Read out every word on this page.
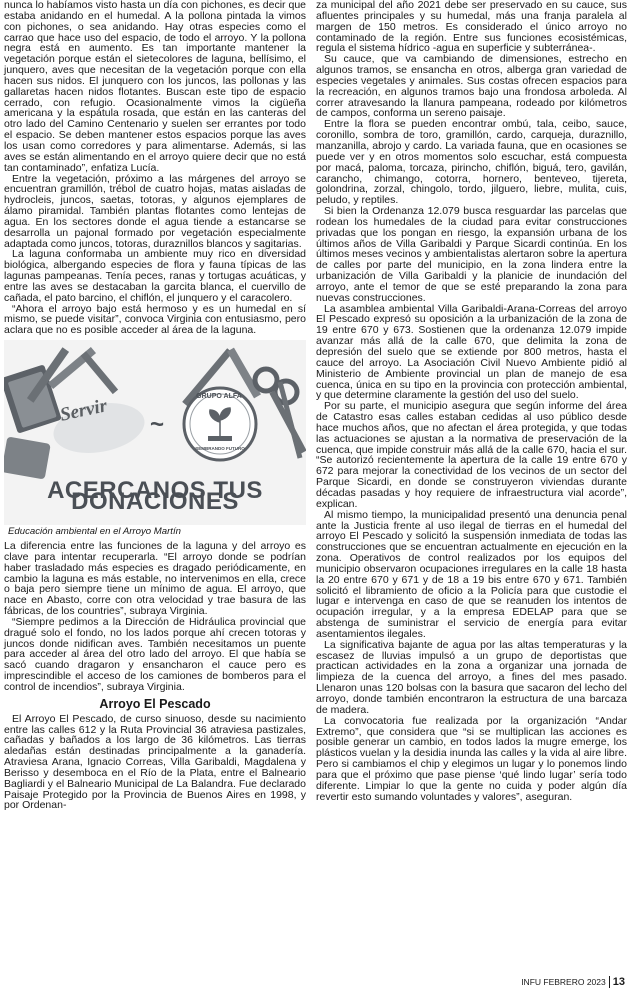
nunca lo habíamos visto hasta un día con pichones, es decir que estaba anidando en el humedal. A la pollona pintada la vimos con pichones, o sea anidando. Hay otras especies como el carrao que hace uso del espacio, de todo el arroyo. Y la pollona negra está en aumento. Es tan importante mantener la vegetación porque están el sietecolores de laguna, bellísimo, el junquero, aves que necesitan de la vegetación porque con ella hacen sus nidos. El junquero con los juncos, las pollonas y las gallaretas hacen nidos flotantes. Buscan este tipo de espacio cerrado, con refugio. Ocasionalmente vimos la cigüeña americana y la espátula rosada, que están en las canteras del otro lado del Camino Centenario y suelen ser errantes por todo el espacio. Se deben mantener estos espacios porque las aves los usan como corredores y para alimentarse. Además, si las aves se están alimentando en el arroyo quiere decir que no está tan contaminado”, enfatiza Lucía.

Entre la vegetación, próximo a las márgenes del arroyo se encuentran gramillón, trébol de cuatro hojas, matas aisladas de hydrocleis, juncos, saetas, totoras, y algunos ejemplares de álamo piramidal. También plantas flotantes como lentejas de agua. En los sectores donde el agua tiende a estancarse se desarrolla un pajonal formado por vegetación especialmente adaptada como juncos, totoras, duraznillos blancos y sagitarias.

La laguna conformaba un ambiente muy rico en diversidad biológica, albergando especies de flora y fauna típicas de las lagunas pampeanas. Tenía peces, ranas y tortugas acuáticas, y entre las aves se destacaban la garcita blanca, el cuervillo de cañada, el pato barcino, el chiflón, el junquero y el caracolero.

“Ahora el arroyo bajo está hermoso y es un humedal en sí mismo, se puede visitar”, convoca Virginia con entusiasmo, pero aclara que no es posible acceder al área de la laguna.

Servir ~
GRUPO ALFA
SEMBRANDO FUTURO
ACERCANOS TUS DONACIONES
Educación ambiental en el Arroyo Martín

La diferencia entre las funciones de la laguna y del arroyo es clave para intentar recuperarla. “El arroyo donde se podrían haber trasladado más especies es dragado periódicamente, en cambio la laguna es más estable, no intervenimos en ella, crece o baja pero siempre tiene un mínimo de agua. El arroyo, que nace en Abasto, corre con otra velocidad y trae basura de las fábricas, de los countries”, subraya Virginia.

“Siempre pedimos a la Dirección de Hidráulica provincial que dragué solo el fondo, no los lados porque ahí crecen totoras y juncos donde nidifican aves. También necesitamos un puente para acceder al área del otro lado del arroyo. El que había se sacó cuando dragaron y ensancharon el cauce pero es imprescindible el acceso de los camiones de bomberos para el control de incendios”, subraya Virginia.

Arroyo El Pescado

El Arroyo El Pescado, de curso sinuoso, desde su nacimiento entre las calles 612 y la Ruta Provincial 36 atraviesa pastizales, cañadas y bañados a los largo de 36 kilómetros. Las tierras aledañas están destinadas principalmente a la ganadería. Atraviesa Arana, Ignacio Correas, Villa Garibaldi, Magdalena y Berisso y desemboca en el Río de la Plata, entre el Balneario Bagliardi y el Balneario Municipal de La Balandra. Fue declarado Paisaje Protegido por la Provincia de Buenos Aires en 1998, y por Ordenan-

za municipal del año 2021 debe ser preservado en su cauce, sus afluentes principales y su humedal, más una franja paralela al margen de 150 metros. Es considerado el único arroyo no contaminado de la región. Entre sus funciones ecosistémicas, regula el sistema hídrico -agua en superficie y subterránea-.

Su cauce, que va cambiando de dimensiones, estrecho en algunos tramos, se ensancha en otros, alberga gran variedad de especies vegetales y animales. Sus costas ofrecen espacios para la recreación, en algunos tramos bajo una frondosa arboleda. Al correr atravesando la llanura pampeana, rodeado por kilómetros de campos, conforma un sereno paisaje.

Entre la flora se pueden encontrar ombú, tala, ceibo, sauce, coronillo, sombra de toro, gramillón, cardo, carqueja, duraznillo, manzanilla, abrojo y cardo. La variada fauna, que en ocasiones se puede ver y en otros momentos solo escuchar, está compuesta por macá, paloma, torcaza, pirincho, chiflón, biguá, tero, gavilán, carancho, chimango, cotorra, hornero, benteveo, tijereta, golondrina, zorzal, chingolo, tordo, jilguero, liebre, mulita, cuis, peludo, y reptiles.

Si bien la Ordenanza 12.079 busca resguardar las parcelas que rodean los humedales de la ciudad para evitar construcciones privadas que los pongan en riesgo, la expansión urbana de los últimos años de Villa Garibaldi y Parque Sicardi continúa. En los últimos meses vecinos y ambientalistas alertaron sobre la apertura de calles por parte del municipio, en la zona lindera entre la urbanización de Villa Garibaldi y la planicie de inundación del arroyo, ante el temor de que se esté preparando la zona para nuevas construcciones.

La asamblea ambiental Villa Garibaldi-Arana-Correas del arroyo El Pescado expresó su oposición a la urbanización de la zona de 19 entre 670 y 673. Sostienen que la ordenanza 12.079 impide avanzar más allá de la calle 670, que delimita la zona de depresión del suelo que se extiende por 800 metros, hasta el cauce del arroyo. La Asociación Civil Nuevo Ambiente pidió al Ministerio de Ambiente provincial un plan de manejo de esa cuenca, única en su tipo en la provincia con protección ambiental, y que determine claramente la gestión del uso del suelo.

Por su parte, el municipio asegura que según informe del área de Catastro esas calles estaban cedidas al uso público desde hace muchos años, que no afectan el área protegida, y que todas las actuaciones se ajustan a la normativa de preservación de la cuenca, que impide construir más allá de la calle 670, hacia el sur. “Se autorizó recientemente la apertura de la calle 19 entre 670 y 672 para mejorar la conectividad de los vecinos de un sector del Parque Sicardi, en donde se construyeron viviendas durante décadas pasadas y hoy requiere de infraestructura vial acorde”, explican.

Al mismo tiempo, la municipalidad presentó una denuncia penal ante la Justicia frente al uso ilegal de tierras en el humedal del arroyo El Pescado y solicitó la suspensión inmediata de todas las construcciones que se encuentran actualmente en ejecución en la zona. Operativos de control realizados por los equipos del municipio observaron ocupaciones irregulares en la calle 18 hasta la 20 entre 670 y 671 y de 18 a 19 bis entre 670 y 671. También solicitó el libramiento de oficio a la Policía para que custodie el lugar e intervenga en caso de que se reanuden los intentos de ocupación irregular, y a la empresa EDELAP para que se abstenga de suministrar el servicio de energía para evitar asentamientos ilegales.

La significativa bajante de agua por las altas temperaturas y la escasez de lluvias impulsó a un grupo de deportistas que practican actividades en la zona a organizar una jornada de limpieza de la cuenca del arroyo, a fines del mes pasado. Llenaron unas 120 bolsas con la basura que sacaron del lecho del arroyo, donde también encontraron la estructura de una barcaza de madera.

La convocatoria fue realizada por la organización “Andar Extremo”, que considera que “si se multiplican las acciones es posible generar un cambio, en todos lados la mugre emerge, los plásticos vuelan y la desidia inunda las calles y la vida al aire libre. Pero si cambiamos el chip y elegimos un lugar y lo ponemos lindo para que el próximo que pase piense ‘qué lindo lugar’ sería todo diferente. Limpiar lo que la gente no cuida y poder algún día revertir esto sumando voluntades y valores”, aseguran.

INFU FEBRERO 2023 13
